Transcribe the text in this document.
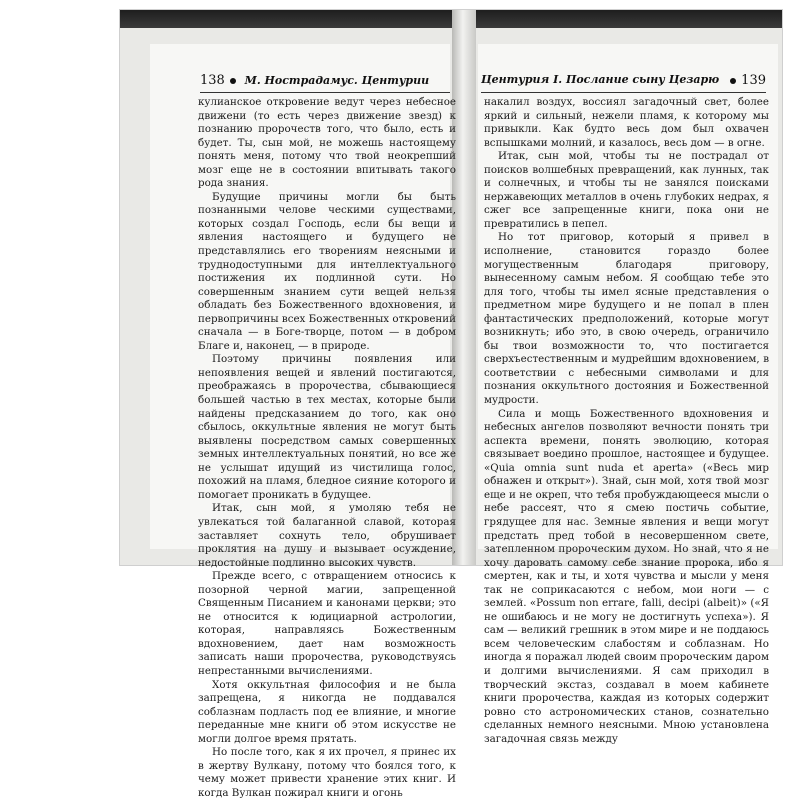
138 М. Нострадамус. Центурии	Центурия I. Послание сыну Цезарю	139

кулианское откровение ведут через небесное движени (то есть через движение звезд) к познанию пророчеств того, что было, есть и будет. Ты, сын мой, не можешь настоящему понять меня, потому что твой неокрепший мозг еще не в состоянии впитывать такого рода знания.

Будущие причины могли бы быть познанными челове ческими существами, которых создал Господь, если бы вещи и явления настоящего и будущего не представлялись его творениям неясными и труднодоступными для интеллектуального постижения их подлинной сути. Но совершенным знанием сути вещей нельзя обладать без Божественного вдохновения, и первопричины всех Божественных откровений сначала — в Боге-творце, потом — в добром Благе и, наконец, — в природе.

Поэтому причины появления или непоявления вещей и явлений постигаются, преображаясь в пророчества, сбывающиеся большей частью в тех местах, которые были найдены предсказанием до того, как оно сбылось, оккультные явления не могут быть выявлены посредством самых совершенных земных интеллектуальных понятий, но все же не услышат идущий из чистилища голос, похожий на пламя, бледное сияние которого и помогает проникать в будущее.

Итак, сын мой, я умоляю тебя не увлекаться той балаганной славой, которая заставляет сохнуть тело, обрушивает проклятия на душу и вызывает осуждение, недостойные подлинно высоких чувств.

Прежде всего, с отвращением относись к позорной черной магии, запрещенной Священным Писанием и канонами церкви; это не относится к юдициарной астрологии, которая, направляясь Божественным вдохновением, дает нам возможность записать наши пророчества, руководствуясь непрестанными вычислениями.

Хотя оккультная философия и не была запрещена, я никогда не поддавался соблазнам подласть под ее влияние, и многие переданные мне книги об этом искусстве не могли долгое время прятать.

Но после того, как я их прочел, я принес их в жертву Вулкану, потому что боялся того, к чему может привести хранение этих книг. И когда Вулкан пожирал книги и огонь

накалил воздух, воссиял загадочный свет, более яркий и сильный, нежели пламя, к которому мы привыкли. Как будто весь дом был охвачен вспышками молний, и казалось, весь дом — в огне.

Итак, сын мой, чтобы ты не пострадал от поисков волшебных превращений, как лунных, так и солнечных, и чтобы ты не занялся поисками нержавеющих металлов в очень глубоких недрах, я сжег все запрещенные книги, пока они не превратились в пепел.

Но тот приговор, который я привел в исполнение, становится гораздо более могущественным благодаря приговору, вынесенному самым небом. Я сообщаю тебе это для того, чтобы ты имел ясные представления о предметном мире будущего и не попал в плен фантастических предположений, которые могут возникнуть; ибо это, в свою очередь, ограничило бы твои возможности то, что постигается сверхъестественным и мудрейшим вдохновением, в соответствии с небесными символами и для познания оккультного достояния и Божественной мудрости.

Сила и мощь Божественного вдохновения и небесных ангелов позволяют вечности понять три аспекта времени, понять эволюцию, которая связывает воедино прошлое, настоящее и будущее. «Quia omnia sunt nuda et aperta» («Весь мир обнажен и открыт»). Знай, сын мой, хотя твой мозг еще и не окреп, что тебя пробуждающееся мысли о небе рассеят, что я смею постичь событие, грядущее для нас. Земные явления и вещи могут предстать пред тобой в несовершенном свете, затепленном пророческим духом. Но знай, что я не хочу даровать самому себе знание пророка, ибо я смертен, как и ты, и хотя чувства и мысли у меня так не соприкасаются с небом, мои ноги — с землей. «Possum non errare, falli, decipi (albeit)» («Я не ошибаюсь и не могу не достигнуть успеха»). Я сам — великий грешник в этом мире и не поддаюсь всем человеческим слабостям и соблазнам. Но иногда я поражал людей своим пророческим даром и долгими вычислениями. Я сам приходил в творческий экстаз, создавал в моем кабинете книги пророчества, каждая из которых содержит ровно сто астрономических станов, сознательно сделанных немного неясными. Мною установлена загадочная связь между
